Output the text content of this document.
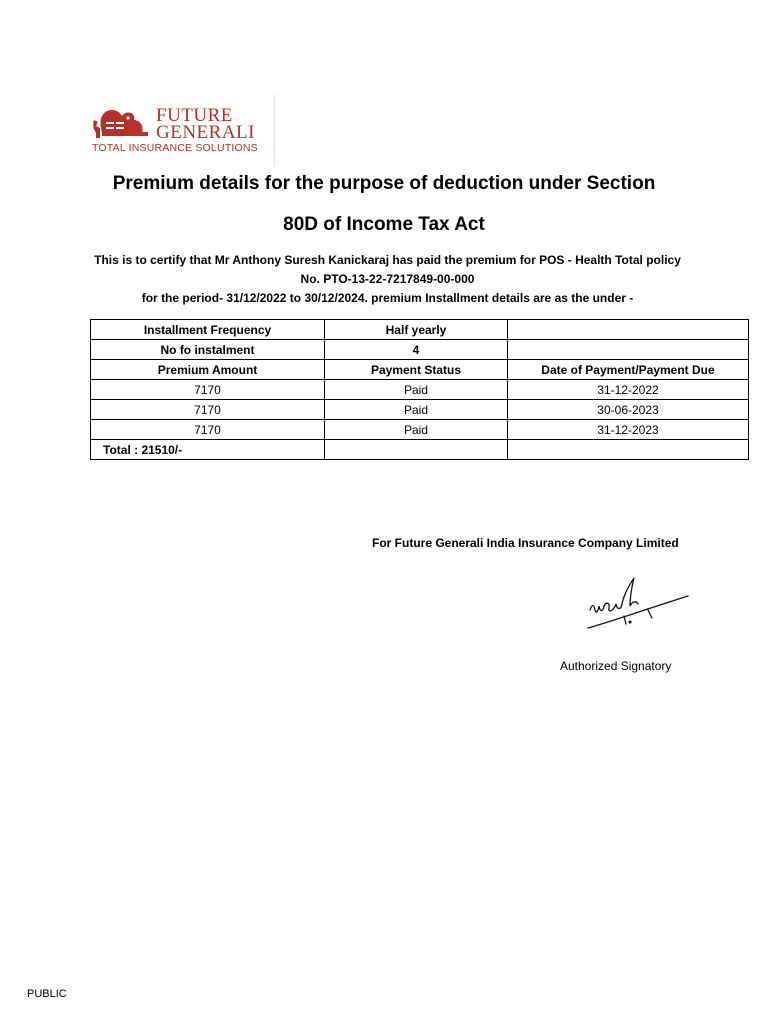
FUTURE
GENERALI
TOTAL INSURANCE SOLUTIONS
Premium details for the purpose of deduction under Section
80D of Income Tax Act
This is to certify that Mr Anthony Suresh Kanickaraj has paid the premium for POS - Health Total policy
No. PTO-13-22-7217849-00-000
for the period- 31/12/2022 to 30/12/2024. premium Installment details are as the under -
Installment Frequency	Half yearly	
No fo instalment	4	
Premium Amount	Payment Status	Date of Payment/Payment Due
7170	Paid	31-12-2022
7170	Paid	30-06-2023
7170	Paid	31-12-2023
Total : 21510/-		
For Future Generali India Insurance Company Limited
Authorized Signatory
PUBLIC
